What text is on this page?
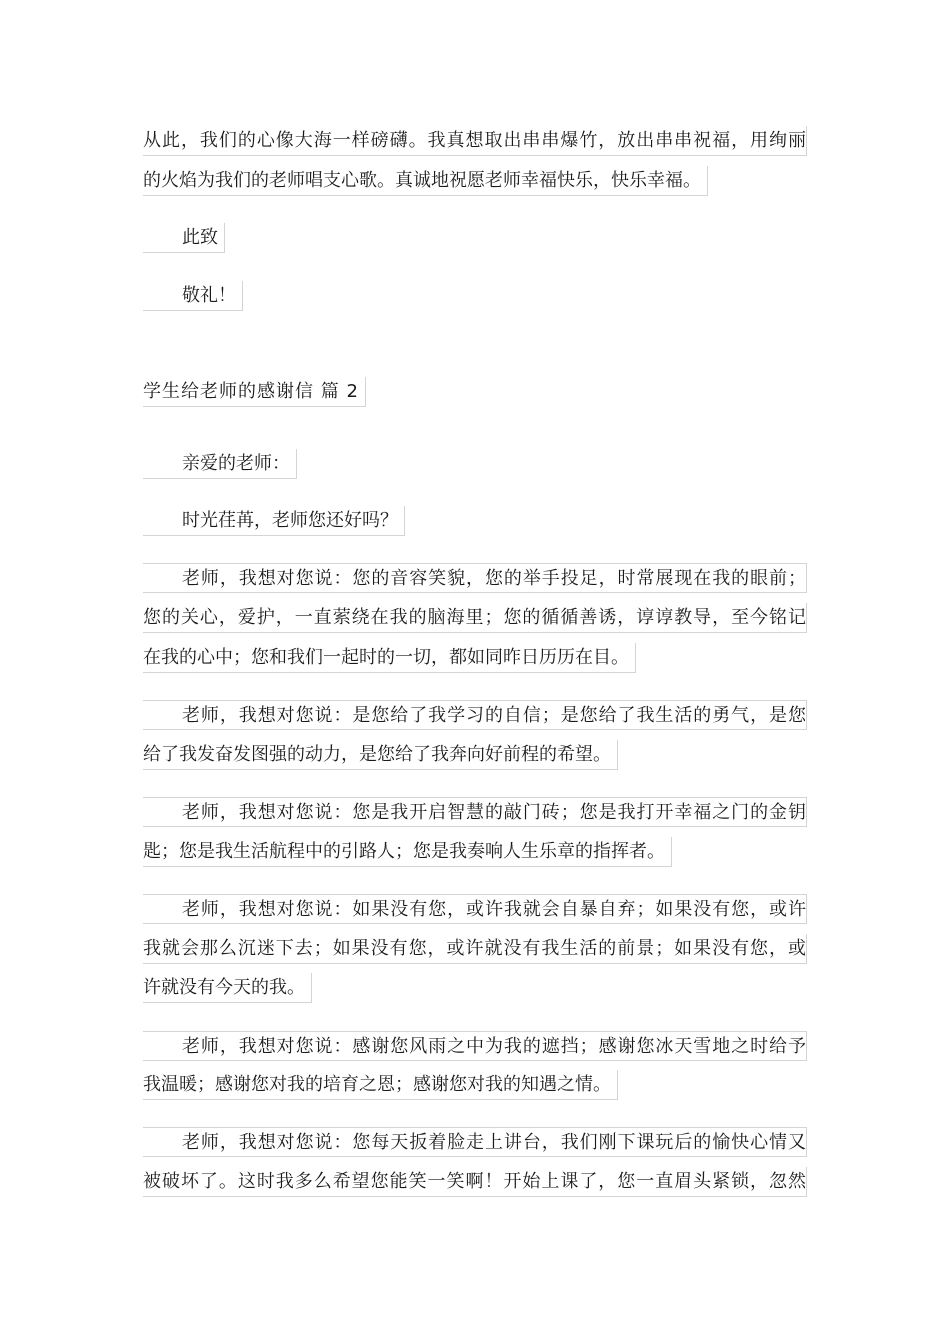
从此，我们的心像大海一样磅礴。我真想取出串串爆竹，放出串串祝福，用绚丽
的火焰为我们的老师唱支心歌。真诚地祝愿老师幸福快乐，快乐幸福。
此致
敬礼！
学生给老师的感谢信 篇 2
亲爱的老师：
时光荏苒，老师您还好吗？
老师，我想对您说：您的音容笑貌，您的举手投足，时常展现在我的眼前；
您的关心，爱护，一直萦绕在我的脑海里；您的循循善诱，谆谆教导，至今铭记
在我的心中；您和我们一起时的一切，都如同昨日历历在目。
老师，我想对您说：是您给了我学习的自信；是您给了我生活的勇气，是您
给了我发奋发图强的动力，是您给了我奔向好前程的希望。
老师，我想对您说：您是我开启智慧的敲门砖；您是我打开幸福之门的金钥
匙；您是我生活航程中的引路人；您是我奏响人生乐章的指挥者。
老师，我想对您说：如果没有您，或许我就会自暴自弃；如果没有您，或许
我就会那么沉迷下去；如果没有您，或许就没有我生活的前景；如果没有您，或
许就没有今天的我。
老师，我想对您说：感谢您风雨之中为我的遮挡；感谢您冰天雪地之时给予
我温暖；感谢您对我的培育之恩；感谢您对我的知遇之情。
老师，我想对您说：您每天扳着脸走上讲台，我们刚下课玩后的愉快心情又
被破坏了。这时我多么希望您能笑一笑啊！开始上课了，您一直眉头紧锁，忽然
